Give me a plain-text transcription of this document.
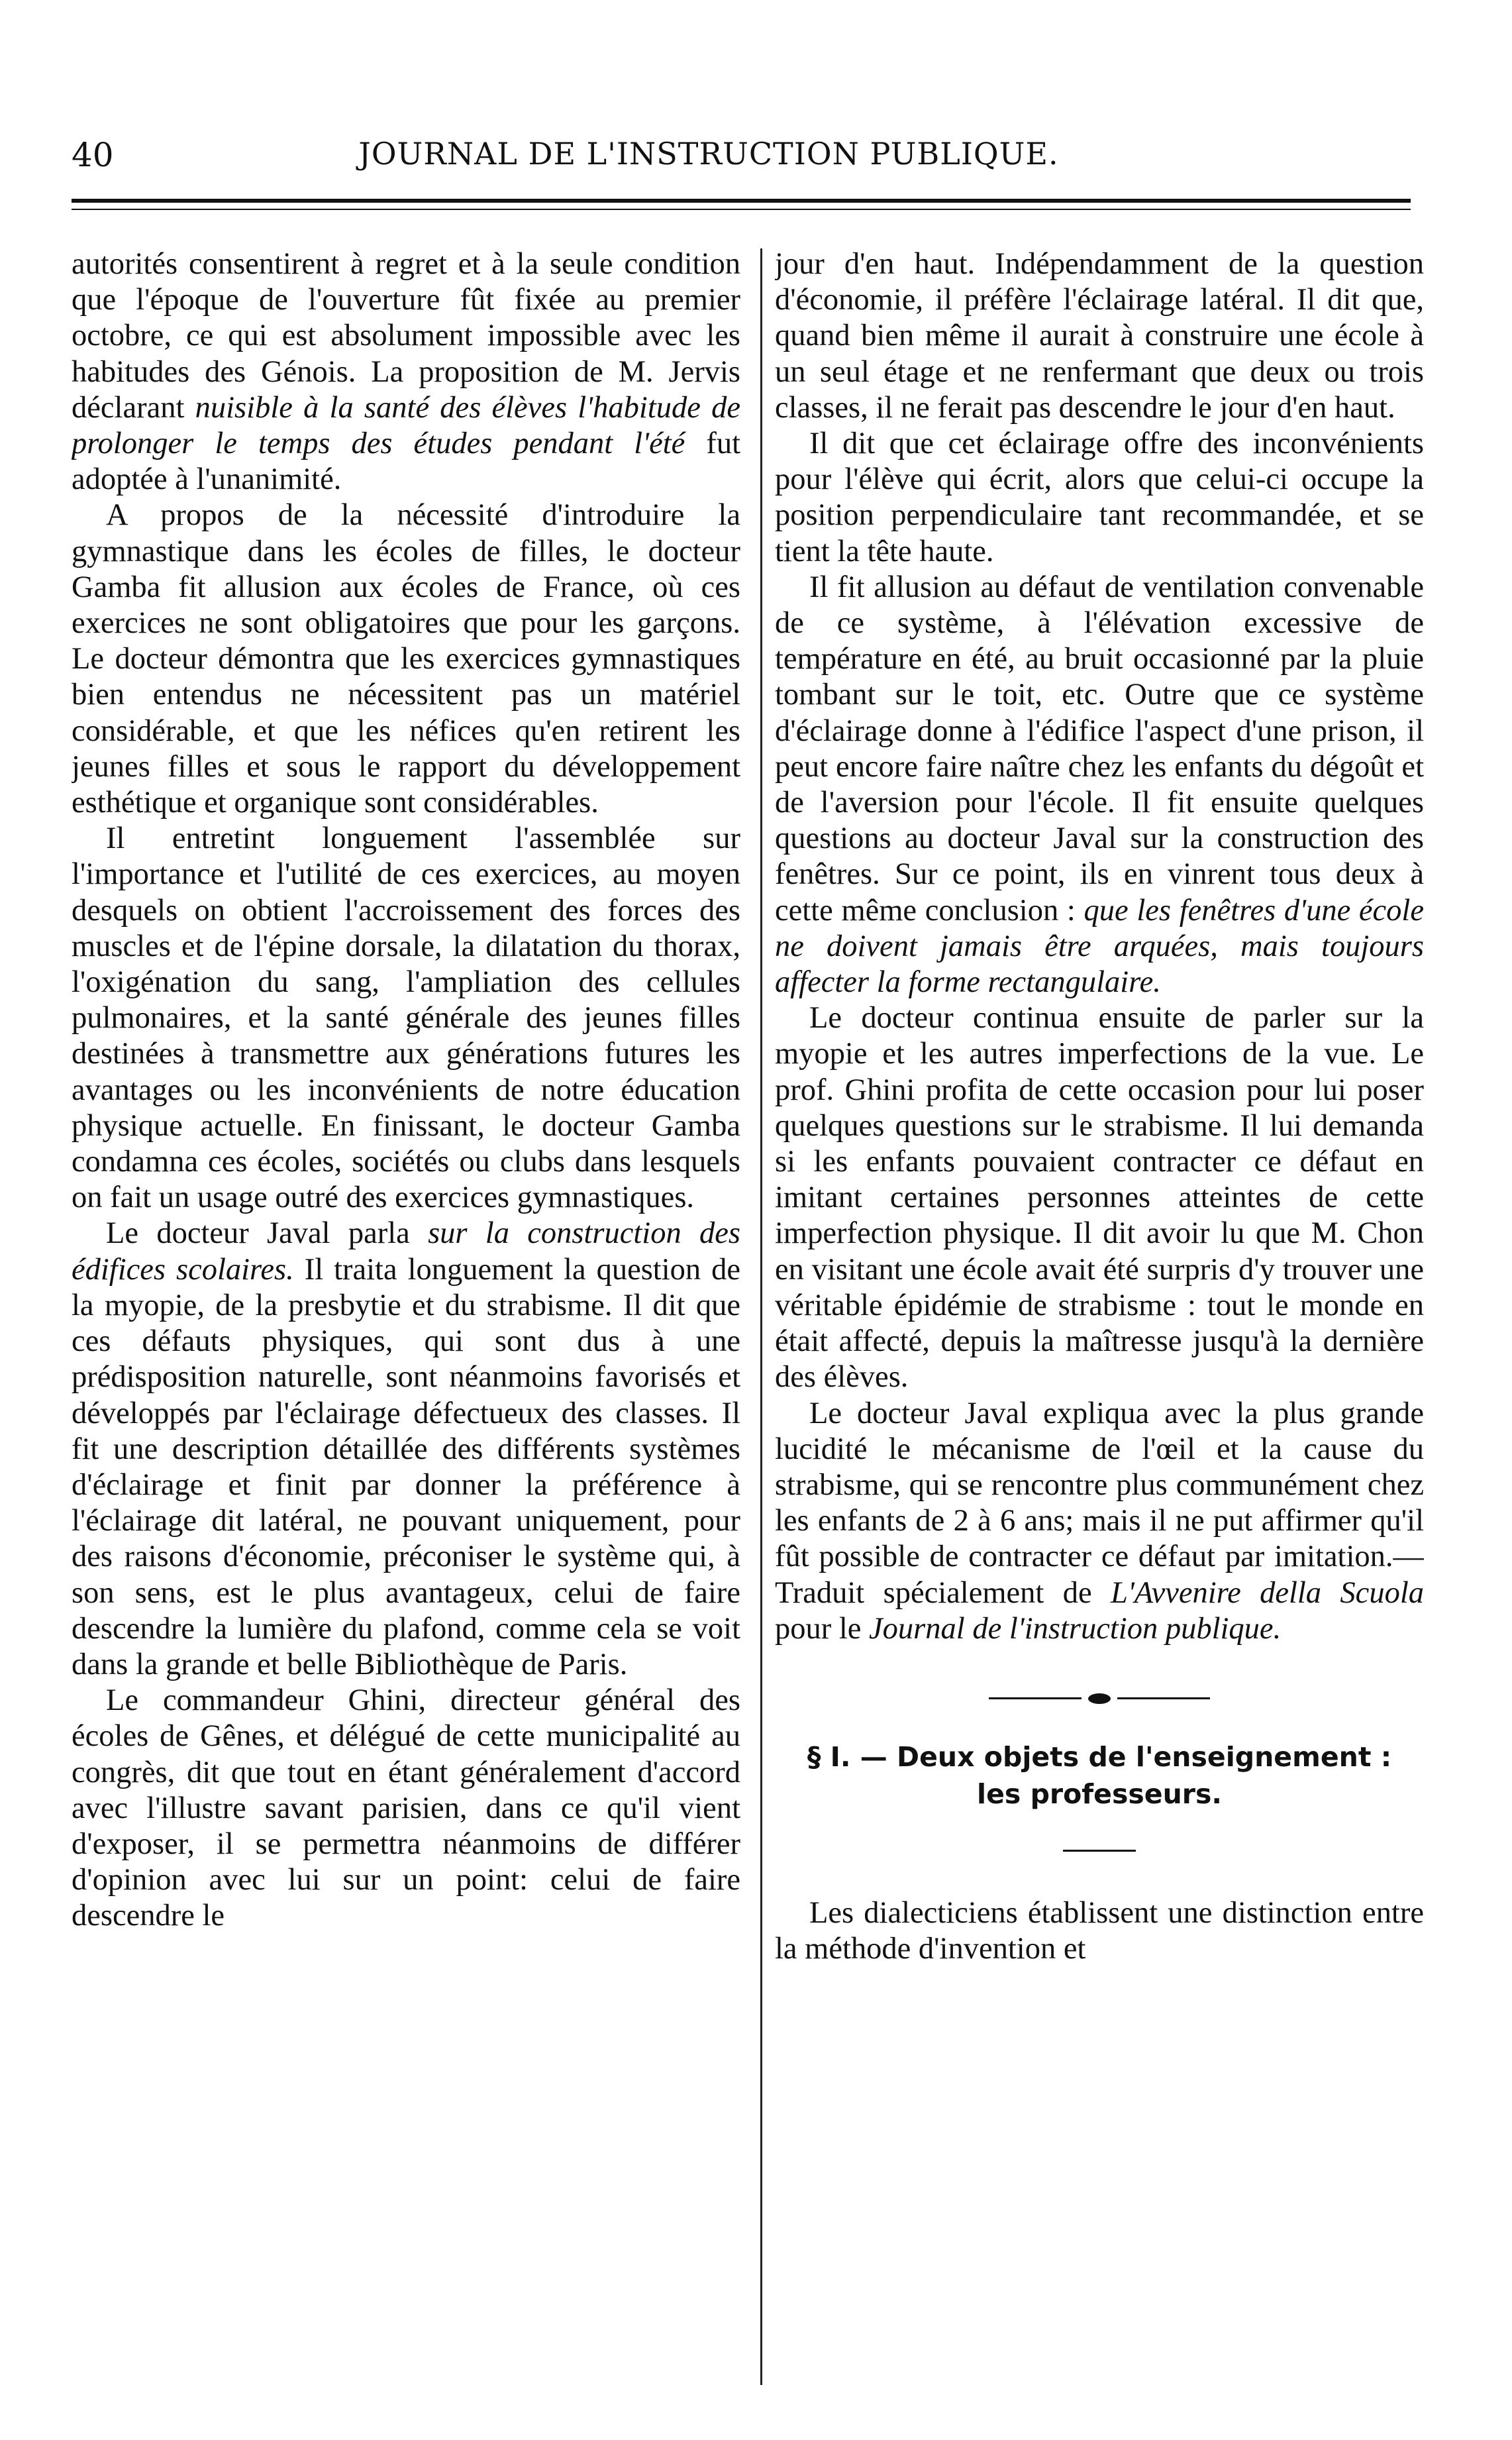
40	JOURNAL DE L'INSTRUCTION PUBLIQUE.

autorités consentirent à regret et à la seule condition que l'époque de l'ouverture fût fixée au premier octobre, ce qui est absolument impossible avec les habitudes des Génois. La proposition de M. Jervis déclarant nuisible à la santé des élèves l'habitude de prolonger le temps des études pendant l'été fut adoptée à l'unanimité.

A propos de la nécessité d'introduire la gymnastique dans les écoles de filles, le docteur Gamba fit allusion aux écoles de France, où ces exercices ne sont obligatoires que pour les garçons. Le docteur démontra que les exercices gymnastiques bien entendus ne nécessitent pas un matériel considérable, et que les néfices qu'en retirent les jeunes filles et sous le rapport du développement esthétique et organique sont considérables.

Il entretint longuement l'assemblée sur l'importance et l'utilité de ces exercices, au moyen desquels on obtient l'accroissement des forces des muscles et de l'épine dorsale, la dilatation du thorax, l'oxigénation du sang, l'ampliation des cellules pulmonaires, et la santé générale des jeunes filles destinées à transmettre aux générations futures les avantages ou les inconvénients de notre éducation physique actuelle. En finissant, le docteur Gamba condamna ces écoles, sociétés ou clubs dans lesquels on fait un usage outré des exercices gymnastiques.

Le docteur Javal parla sur la construction des édifices scolaires. Il traita longuement la question de la myopie, de la presbytie et du strabisme. Il dit que ces défauts physiques, qui sont dus à une prédisposition naturelle, sont néanmoins favorisés et développés par l'éclairage défectueux des classes. Il fit une description détaillée des différents systèmes d'éclairage et finit par donner la préférence à l'éclairage dit latéral, ne pouvant uniquement, pour des raisons d'économie, préconiser le système qui, à son sens, est le plus avantageux, celui de faire descendre la lumière du plafond, comme cela se voit dans la grande et belle Bibliothèque de Paris.

Le commandeur Ghini, directeur général des écoles de Gênes, et délégué de cette municipalité au congrès, dit que tout en étant généralement d'accord avec l'illustre savant parisien, dans ce qu'il vient d'exposer, il se permettra néanmoins de différer d'opinion avec lui sur un point: celui de faire descendre le

jour d'en haut. Indépendamment de la question d'économie, il préfère l'éclairage latéral. Il dit que, quand bien même il aurait à construire une école à un seul étage et ne renfermant que deux ou trois classes, il ne ferait pas descendre le jour d'en haut.

Il dit que cet éclairage offre des inconvénients pour l'élève qui écrit, alors que celui-ci occupe la position perpendiculaire tant recommandée, et se tient la tête haute.

Il fit allusion au défaut de ventilation convenable de ce système, à l'élévation excessive de température en été, au bruit occasionné par la pluie tombant sur le toit, etc. Outre que ce système d'éclairage donne à l'édifice l'aspect d'une prison, il peut encore faire naître chez les enfants du dégoût et de l'aversion pour l'école. Il fit ensuite quelques questions au docteur Javal sur la construction des fenêtres. Sur ce point, ils en vinrent tous deux à cette même conclusion : que les fenêtres d'une école ne doivent jamais être arquées, mais toujours affecter la forme rectangulaire.

Le docteur continua ensuite de parler sur la myopie et les autres imperfections de la vue. Le prof. Ghini profita de cette occasion pour lui poser quelques questions sur le strabisme. Il lui demanda si les enfants pouvaient contracter ce défaut en imitant certaines personnes atteintes de cette imperfection physique. Il dit avoir lu que M. Chon en visitant une école avait été surpris d'y trouver une véritable épidémie de strabisme : tout le monde en était affecté, depuis la maîtresse jusqu'à la dernière des élèves.

Le docteur Javal expliqua avec la plus grande lucidité le mécanisme de l'œil et la cause du strabisme, qui se rencontre plus communément chez les enfants de 2 à 6 ans; mais il ne put affirmer qu'il fût possible de contracter ce défaut par imitation.—Traduit spécialement de L'Avvenire della Scuola pour le Journal de l'instruction publique.

§ I. — Deux objets de l'enseignement :
les professeurs.

Les dialecticiens établissent une distinction entre la méthode d'invention et
